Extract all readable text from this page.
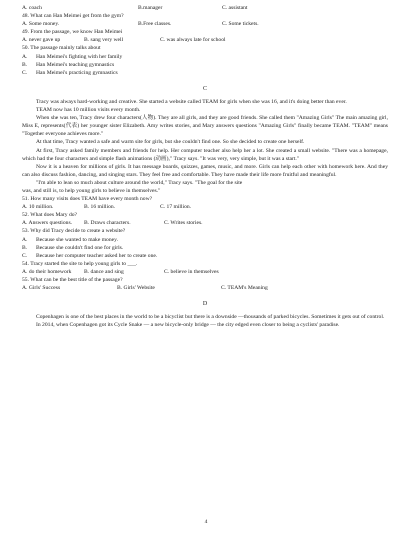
A. coach	B.manager	C. assistant
48. What can Han Meimei get from the gym?
A. Some money.	B.Free classes.	C. Some tickets.
49. From the passage, we know Han Meimei
A. never gave up	B. sang very well	C. was always late for school
50. The passage mainly talks about
A.	Han Meimei's fighting with her family
B.	Han Meimei's teaching gymnastics
C.	Han Meimei's practicing gymnastics
C

Tracy was always hard-working and creative. She started a website called TEAM for girls when she was 16, and it's doing better than ever.

TEAM now has 10 million visits every month.

When she was ten, Tracy drew four characters(人物). They are all girls, and they are good friends. She called them "Amazing Girls" The main amazing girl, Miss E, represents(代表) her younger sister Elizabeth. Amy writes stories, and Mary answers questions "Amazing Girls" finally became TEAM. "TEAM" means "Together everyone achieves more."

At that time, Tracy wanted a safe and warm site for girls, but she couldn't find one. So she decided to create one herself.

At first, Tracy asked family members and friends for help. Her computer teacher also help her a lot. She created a small website. "There was a homepage, which had the four characters and simple flash animations (动画)," Tracy says. "It was very, very simple, but it was a start."

Now it is a heaven for millions of girls. It has message boards, quizzes, games, music, and more. Girls can help each other with homework here. And they can also discuss fashion, dancing, and singing stars. They feel free and comfortable. They have made their life more fruitful and meaningful.

"I'm able to lean so much about culture around the world," Tracy says. "The goal for the site

was, and still is, to help young girls to believe in themselves."

51. How many visits does TEAM have every month now?
A. 10 million.	B. 16 million.	C. 17 million.
52. What does Mary do?
A. Answers questions.	B. Draws characters.	C. Writes stories.
53. Why did Tracy decide to create a website?
A.	Because she wanted to make money.
B.	Because she couldn't find one for girls.
C.	Because her computer teacher asked her to create one.
54. Tracy started the site to help young girls to ___.
A. do their homework	B. dance and sing	C. believe in themselves
55. What can be the best title of the passage?
A. Girls' Success	B. Girls' Website	C. TEAM's Meaning
D

Copenhagen is one of the best places in the world to be a bicyclist but there is a downside —thousands of parked bicycles. Sometimes it gets out of control.

In 2014, when Copenhagen got its Cycle Snake — a new bicycle-only bridge — the city edged even closer to being a cyclists' paradise.

4
